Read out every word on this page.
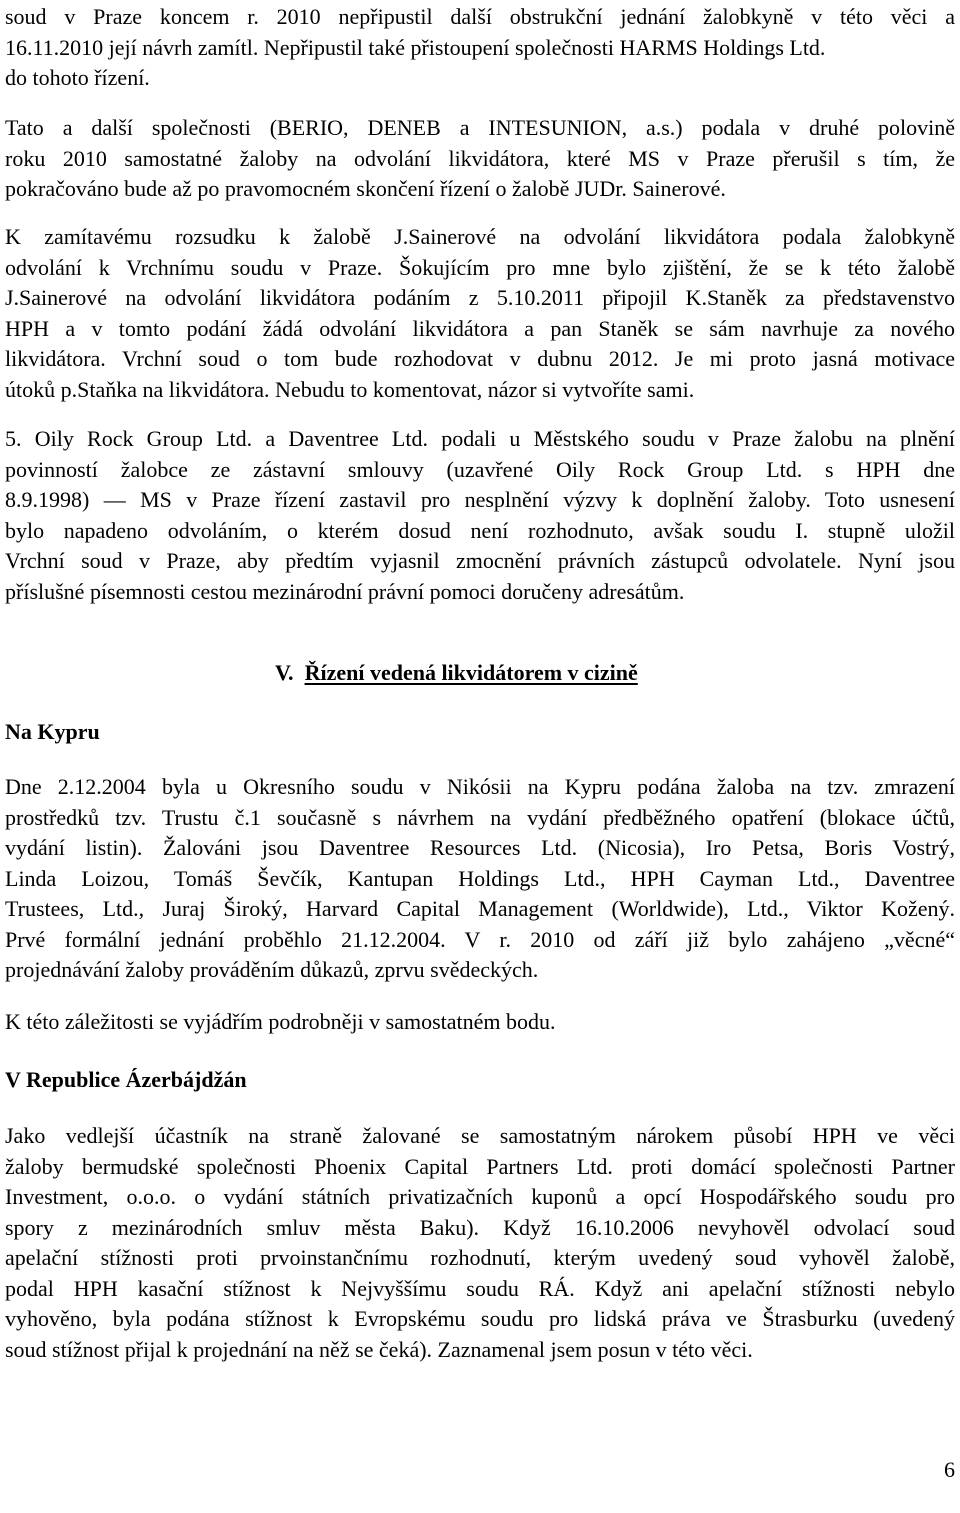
soud v Praze koncem r. 2010 nepřipustil další obstrukční jednání žalobkyně v této věci a
16.11.2010 její návrh zamítl. Nepřipustil také přistoupení společnosti HARMS Holdings Ltd.
do tohoto řízení.
Tato a další společnosti (BERIO, DENEB a INTESUNION, a.s.) podala v druhé polovině
roku 2010 samostatné žaloby na odvolání likvidátora, které MS v Praze přerušil s tím, že
pokračováno bude až po pravomocném skončení řízení o žalobě JUDr. Sainerové.
K zamítavému rozsudku k žalobě J.Sainerové na odvolání likvidátora podala žalobkyně
odvolání k Vrchnímu soudu v Praze. Šokujícím pro mne bylo zjištění, že se k této žalobě
J.Sainerové na odvolání likvidátora podáním z 5.10.2011 připojil K.Staněk za představenstvo
HPH a v tomto podání žádá odvolání likvidátora a pan Staněk se sám navrhuje za nového
likvidátora. Vrchní soud o tom bude rozhodovat v dubnu 2012. Je mi proto jasná motivace
útoků p.Staňka na likvidátora. Nebudu to komentovat, názor si vytvoříte sami.
5. Oily Rock Group Ltd. a Daventree Ltd. podali u Městského soudu v Praze žalobu na plnění
povinností žalobce ze zástavní smlouvy (uzavřené Oily Rock Group Ltd. s HPH dne
8.9.1998) — MS v Praze řízení zastavil pro nesplnění výzvy k doplnění žaloby. Toto usnesení
bylo napadeno odvoláním, o kterém dosud není rozhodnuto, avšak soudu I. stupně uložil
Vrchní soud v Praze, aby předtím vyjasnil zmocnění právních zástupců odvolatele. Nyní jsou
příslušné písemnosti cestou mezinárodní právní pomoci doručeny adresátům.
V. Řízení vedená likvidátorem v cizině
Na Kypru
Dne 2.12.2004 byla u Okresního soudu v Nikósii na Kypru podána žaloba na tzv. zmrazení
prostředků tzv. Trustu č.1 současně s návrhem na vydání předběžného opatření (blokace účtů,
vydání listin). Žalováni jsou Daventree Resources Ltd. (Nicosia), Iro Petsa, Boris Vostrý,
Linda Loizou, Tomáš Ševčík, Kantupan Holdings Ltd., HPH Cayman Ltd., Daventree
Trustees, Ltd., Juraj Široký, Harvard Capital Management (Worldwide), Ltd., Viktor Kožený.
Prvé formální jednání proběhlo 21.12.2004. V r. 2010 od září již bylo zahájeno „věcné“
projednávání žaloby prováděním důkazů, zprvu svědeckých.
K této záležitosti se vyjádřím podrobněji v samostatném bodu.
V Republice Ázerbájdžán
Jako vedlejší účastník na straně žalované se samostatným nárokem působí HPH ve věci
žaloby bermudské společnosti Phoenix Capital Partners Ltd. proti domácí společnosti Partner
Investment, o.o.o. o vydání státních privatizačních kuponů a opcí Hospodářského soudu pro
spory z mezinárodních smluv města Baku). Když 16.10.2006 nevyhověl odvolací soud
apelační stížnosti proti prvoinstančnímu rozhodnutí, kterým uvedený soud vyhověl žalobě,
podal HPH kasační stížnost k Nejvyššímu soudu RÁ. Když ani apelační stížnosti nebylo
vyhověno, byla podána stížnost k Evropskému soudu pro lidská práva ve Štrasburku (uvedený
soud stížnost přijal k projednání na něž se čeká). Zaznamenal jsem posun v této věci.
6
